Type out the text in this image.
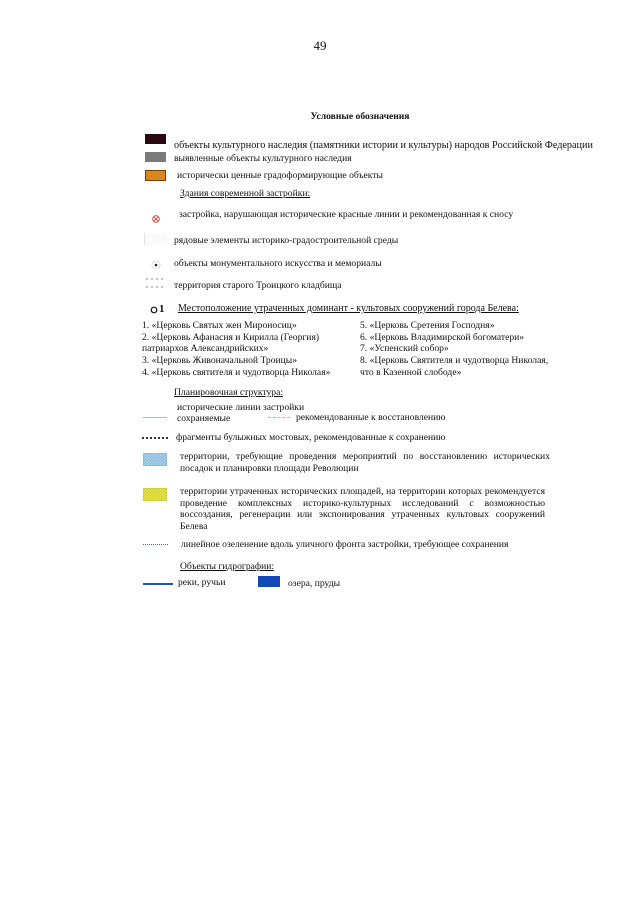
49
Условные обозначения
объекты культурного наследия (памятники истории и культуры) народов Российской Федерации
выявленные объекты культурного наследия
исторически ценные градоформирующие объекты
Здания современной застройки:
застройка, нарушающая исторические красные линии и рекомендованная к сносу
рядовые элементы историко-градостроительной среды
объекты монументального искусства и мемориалы
территория старого Троицкого кладбища
1 Местоположение утраченных доминант - культовых сооружений города Белева:
1. «Церковь Святых жен Мироносиц»
2. «Церковь Афанасия и Кирилла (Георгия)
патриархов Александрийских»
3. «Церковь Живоначальной Троицы»
4. «Церковь святителя и чудотворца Николая»
5. «Церковь Сретения Господня»
6. «Церковь Владимирской богоматери»
7. «Успенский собор»
8. «Церковь Святителя и чудотворца Николая,
что в Казенной слободе»
Планировочная структура:
исторические линии застройки
сохраняемые	рекомендованные к восстановлению
фрагменты булыжных мостовых, рекомендованные к сохранению
территории, требующие проведения мероприятий по восстановлению исторических посадок и планировки площади Революции
территории утраченных исторических площадей, на территории которых рекомендуется проведение комплексных историко-культурных исследований с возможностью воссоздания, регенерации или экспонирования утраченных культовых сооружений Белева
линейное озеленение вдоль уличного фронта застройки, требующее сохранения
Объекты гидрографии:
реки, ручьи	озера, пруды
